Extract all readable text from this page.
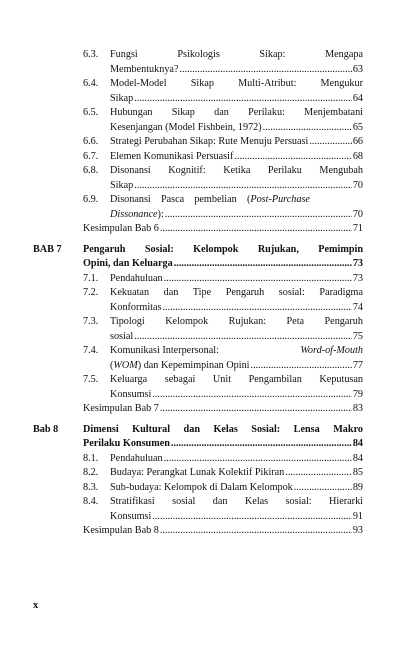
6.3. Fungsi Psikologis Sikap: Mengapa
Membentuknya? .....	63
6.4. Model-Model Sikap Multi-Atribut: Mengukur
Sikap .....	64
6.5. Hubungan Sikap dan Perilaku: Menjembatani
Kesenjangan (Model Fishbein, 1972) .....	65
6.6. Strategi Perubahan Sikap: Rute Menuju Persuasi .....	66
6.7. Elemen Komunikasi Persuasif .....	68
6.8. Disonansi Kognitif: Ketika Perilaku Mengubah
Sikap .....	70
6.9. Disonansi    Pasca    pembelian    (Post-Purchase
Dissonance): .....	70
Kesimpulan Bab 6 .....	71
BAB 7 Pengaruh Sosial: Kelompok Rujukan, Pemimpin
Opini, dan Keluarga .....	73
7.1. Pendahuluan .....	73
7.2. Kekuatan dan Tipe Pengaruh sosial: Paradigma
Konformitas .....	74
7.3. Tipologi Kelompok Rujukan: Peta Pengaruh
sosial .....	75
7.4. Komunikasi Interpersonal:	Word-of-Mouth
(WOM) dan Kepemimpinan Opini .....	77
7.5. Keluarga sebagai Unit Pengambilan Keputusan
Konsumsi .....	79
Kesimpulan Bab 7 .....	83
Bab 8 Dimensi Kultural dan Kelas Sosial: Lensa Makro
Perilaku Konsumen .....	84
8.1. Pendahuluan .....	84
8.2. Budaya: Perangkat Lunak Kolektif Pikiran .....	85
8.3. Sub-budaya: Kelompok di Dalam Kelompok .....	89
8.4. Stratifikasi sosial dan Kelas sosial: Hierarki
Konsumsi .....	91
Kesimpulan Bab 8 .....	93
x
